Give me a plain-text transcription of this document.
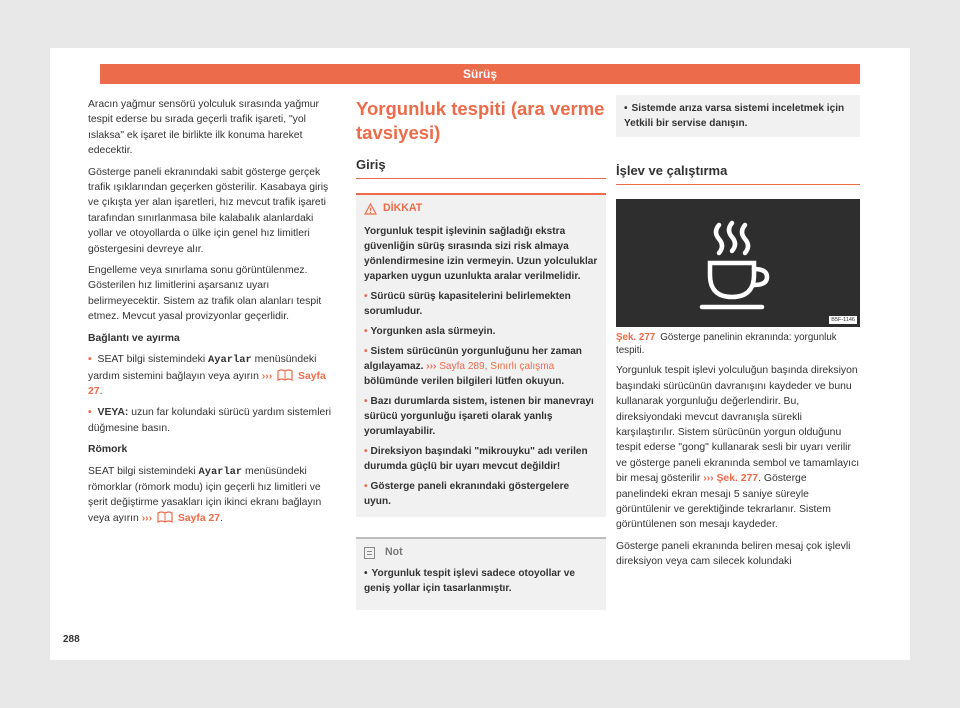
Sürüş

Aracın yağmur sensörü yolculuk sırasında yağmur tespit ederse bu sırada geçerli trafik işareti, "yol ıslaksa" ek işaret ile birlikte ilk konuma hareket edecektir.

Gösterge paneli ekranındaki sabit gösterge gerçek trafik ışıklarından geçerken gösterilir. Kasabaya giriş ve çıkışta yer alan işaretleri, hız mevcut trafik işareti tarafından sınırlanmasa bile kalabalık alanlardaki yollar ve otoyollarda o ülke için genel hız limitleri göstergesini devreye alır.

Engelleme veya sınırlama sonu görüntülenmez. Gösterilen hız limitlerini aşarsanız uyarı belirmeyecektir. Sistem az trafik olan alanları tespit etmez. Mevcut yasal provizyonlar geçerlidir.

Bağlantı ve ayırma

• SEAT bilgi sistemindeki Ayarlar menüsündeki yardım sistemini bağlayın veya ayırın ››› Sayfa 27.

• VEYA: uzun far kolundaki sürücü yardım sistemleri düğmesine basın.

Römork

SEAT bilgi sistemindeki Ayarlar menüsündeki römorklar (römork modu) için geçerli hız limitleri ve şerit değiştirme yasakları için ikinci ekranı bağlayın veya ayırın ››› Sayfa 27.

Yorgunluk tespiti (ara verme tavsiyesi)
Giriş
DİKKAT

Yorgunluk tespit işlevinin sağladığı ekstra güvenliğin sürüş sırasında sizi risk almaya yönlendirmesine izin vermeyin. Uzun yolculuklar yaparken uygun uzunlukta aralar verilmelidir.

• Sürücü sürüş kapasitelerini belirlemekten sorumludur.

• Yorgunken asla sürmeyin.

• Sistem sürücünün yorgunluğunu her zaman algılayamaz. ››› Sayfa 289, Sınırlı çalışma bölümünde verilen bilgileri lütfen okuyun.

• Bazı durumlarda sistem, istenen bir manevrayı sürücü yorgunluğu işareti olarak yanlış yorumlayabilir.

• Direksiyon başındaki "mikrouyku" adı verilen durumda güçlü bir uyarı mevcut değildir!

• Gösterge paneli ekranındaki göstergelere uyun.

Not

• Yorgunluk tespit işlevi sadece otoyollar ve geniş yollar için tasarlanmıştır.

• Sistemde arıza varsa sistemi inceletmek için Yetkili bir servise danışın.

İşlev ve çalıştırma
B5F-1146

Şek. 277 Gösterge panelinin ekranında: yorgunluk tespiti.

Yorgunluk tespit işlevi yolculuğun başında direksiyon başındaki sürücünün davranışını kaydeder ve bunu kullanarak yorgunluğu değerlendirir. Bu, direksiyondaki mevcut davranışla sürekli karşılaştırılır. Sistem sürücünün yorgun olduğunu tespit ederse "gong" kullanarak sesli bir uyarı verilir ve gösterge paneli ekranında sembol ve tamamlayıcı bir mesaj gösterilir ››› Şek. 277. Gösterge panelindeki ekran mesajı 5 saniye süreyle görüntülenir ve gerektiğinde tekrarlanır. Sistem görüntülenen son mesajı kaydeder.

Gösterge paneli ekranında beliren mesaj çok işlevli direksiyon veya cam silecek kolundaki

288
